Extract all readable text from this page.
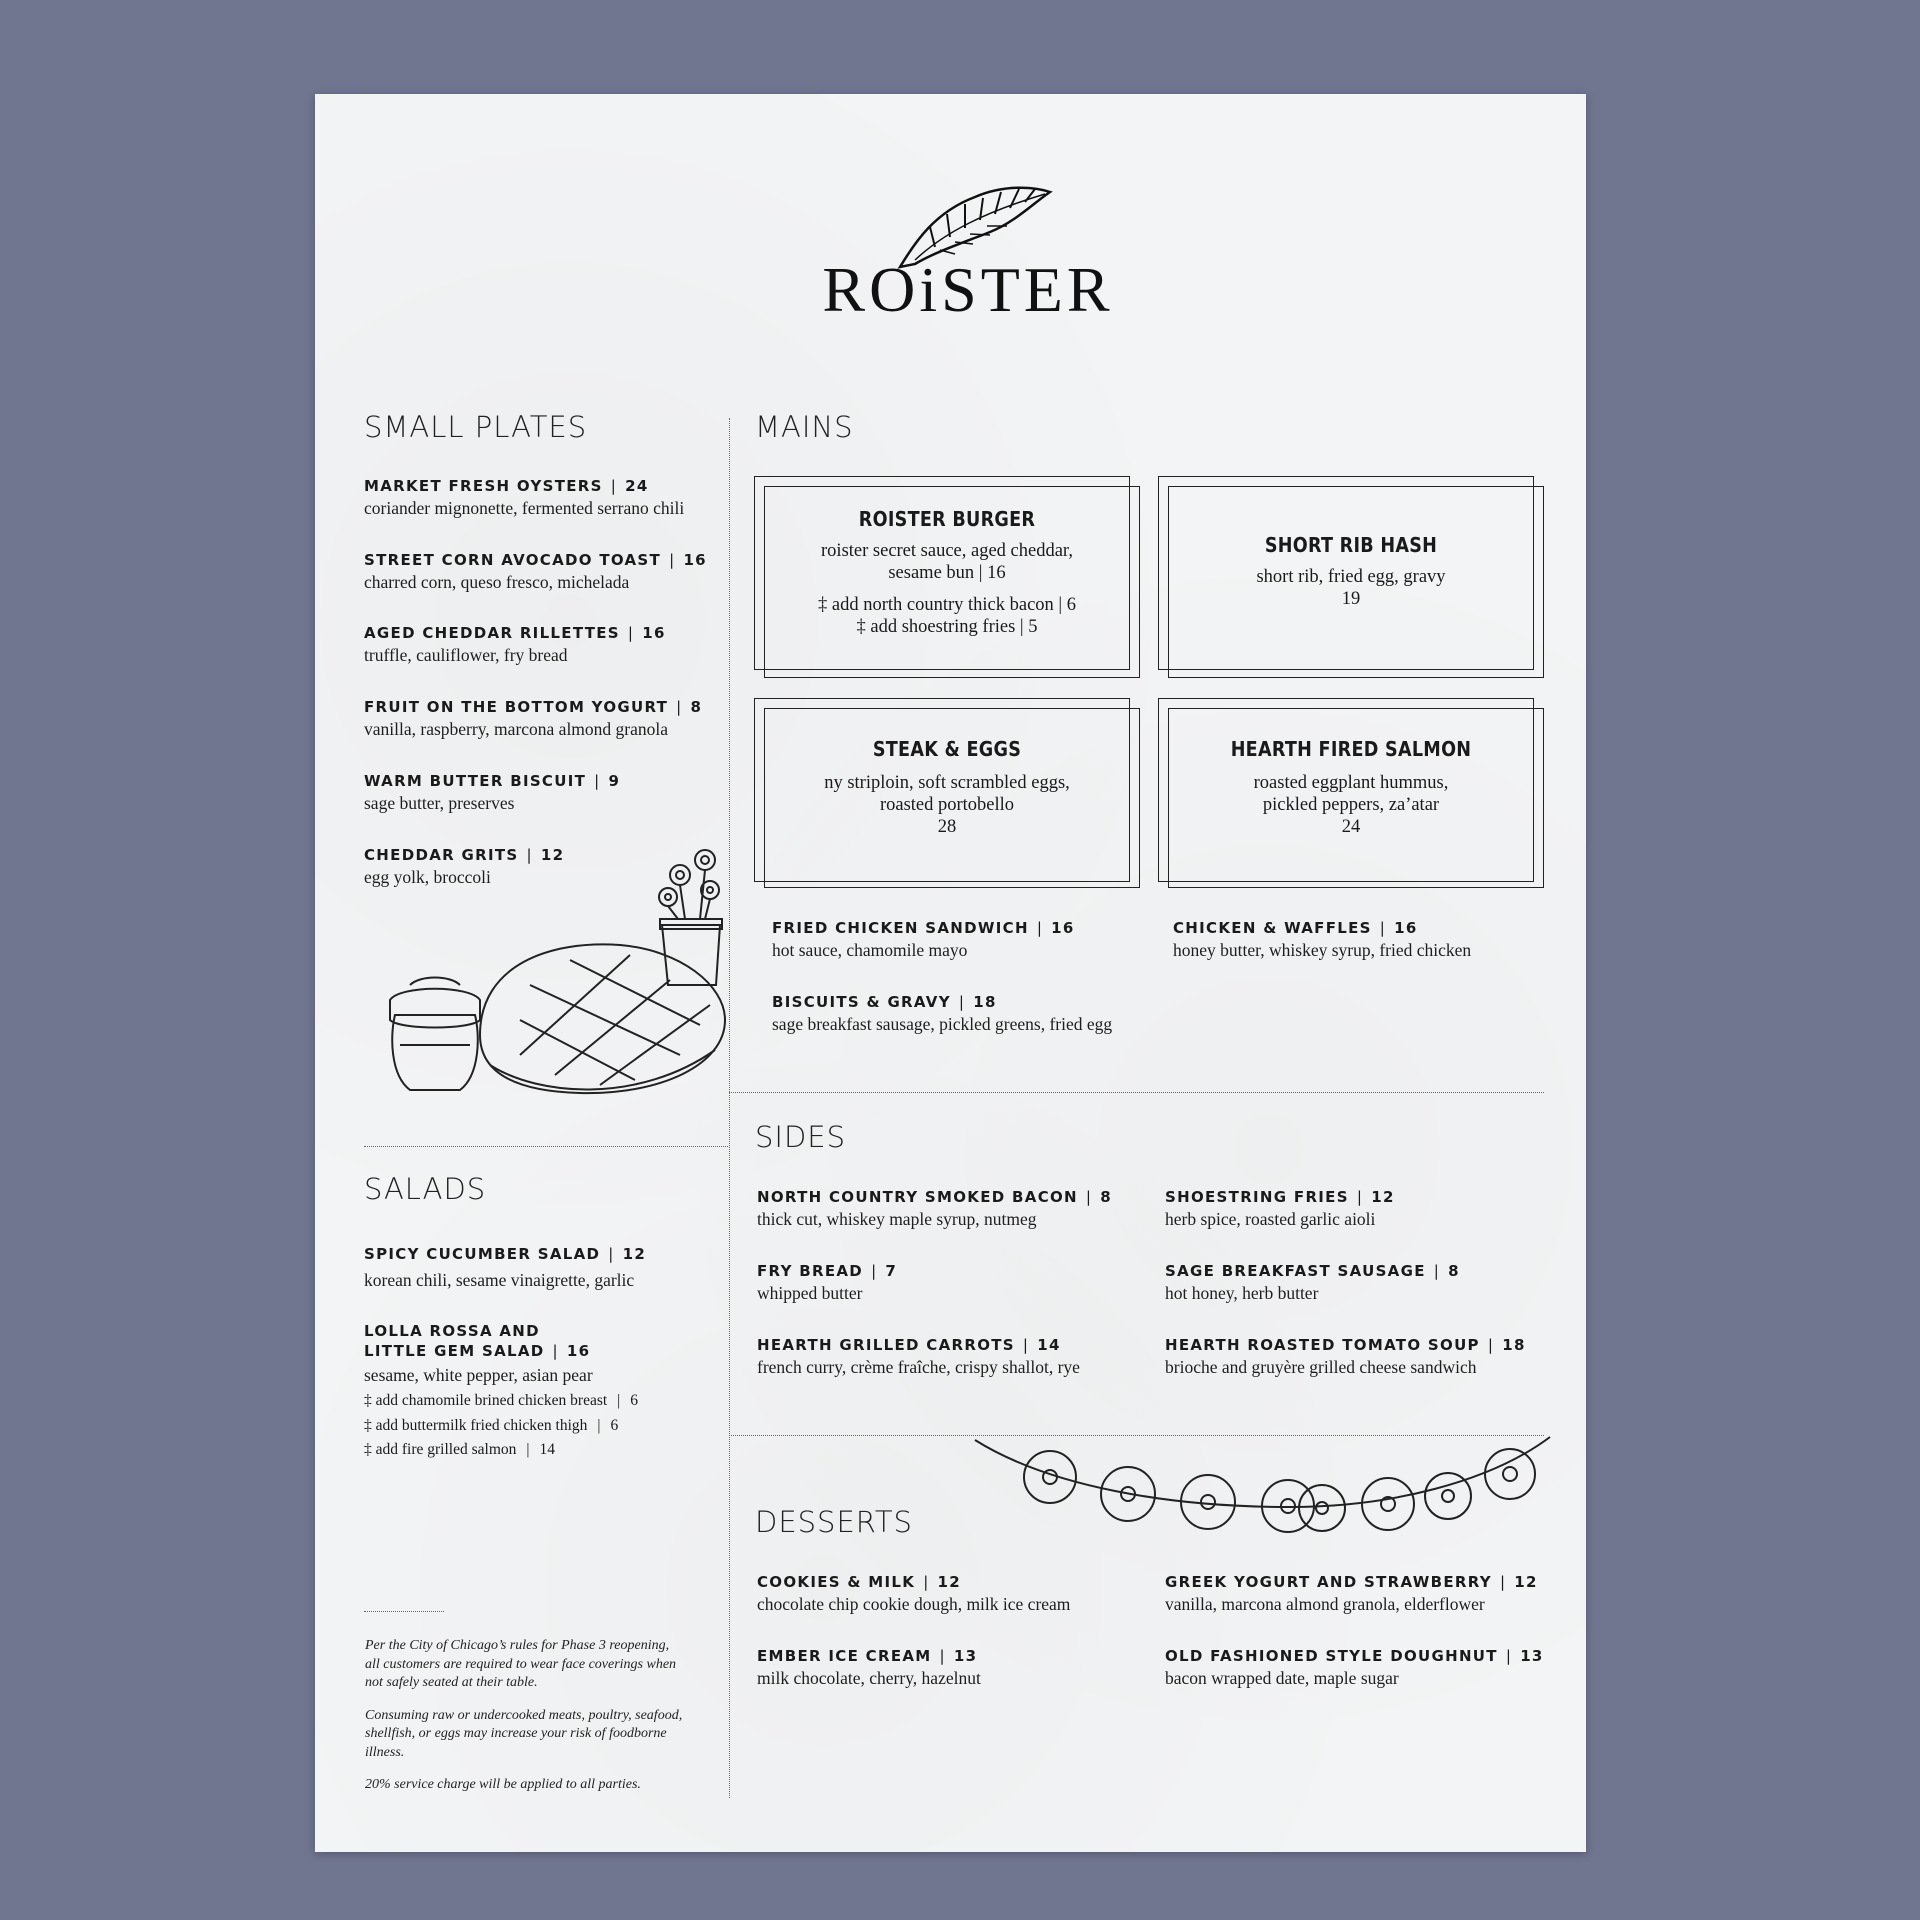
ROiSTER
SMALL PLATES
MARKET FRESH OYSTERS | 24
coriander mignonette, fermented serrano chili
STREET CORN AVOCADO TOAST | 16
charred corn, queso fresco, michelada
AGED CHEDDAR RILLETTES | 16
truffle, cauliflower, fry bread
FRUIT ON THE BOTTOM YOGURT | 8
vanilla, raspberry, marcona almond granola
WARM BUTTER BISCUIT | 9
sage butter, preserves
CHEDDAR GRITS | 12
egg yolk, broccoli
SALADS
SPICY CUCUMBER SALAD | 12
korean chili, sesame vinaigrette, garlic
LOLLA ROSSA AND
LITTLE GEM SALAD | 16
sesame, white pepper, asian pear
‡ add chamomile brined chicken breast | 6
‡ add buttermilk fried chicken thigh | 6
‡ add fire grilled salmon | 14

Per the City of Chicago’s rules for Phase 3 reopening, all customers are required to wear face coverings when not safely seated at their table.

Consuming raw or undercooked meats, poultry, seafood, shellfish, or eggs may increase your risk of foodborne illness.

20% service charge will be applied to all parties.

MAINS
ROISTER BURGER
roister secret sauce, aged cheddar,
sesame bun | 16
‡ add north country thick bacon | 6
‡ add shoestring fries | 5
SHORT RIB HASH
short rib, fried egg, gravy
19
STEAK & EGGS
ny striploin, soft scrambled eggs,
roasted portobello
28
HEARTH FIRED SALMON
roasted eggplant hummus,
pickled peppers, za’atar
24
FRIED CHICKEN SANDWICH | 16
hot sauce, chamomile mayo
CHICKEN & WAFFLES | 16
honey butter, whiskey syrup, fried chicken
BISCUITS & GRAVY | 18
sage breakfast sausage, pickled greens, fried egg
SIDES
NORTH COUNTRY SMOKED BACON | 8
thick cut, whiskey maple syrup, nutmeg
SHOESTRING FRIES | 12
herb spice, roasted garlic aioli
FRY BREAD | 7
whipped butter
SAGE BREAKFAST SAUSAGE | 8
hot honey, herb butter
HEARTH GRILLED CARROTS | 14
french curry, crème fraîche, crispy shallot, rye
HEARTH ROASTED TOMATO SOUP | 18
brioche and gruyère grilled cheese sandwich
DESSERTS
COOKIES & MILK | 12
chocolate chip cookie dough, milk ice cream
GREEK YOGURT AND STRAWBERRY | 12
vanilla, marcona almond granola, elderflower
EMBER ICE CREAM | 13
milk chocolate, cherry, hazelnut
OLD FASHIONED STYLE DOUGHNUT | 13
bacon wrapped date, maple sugar
